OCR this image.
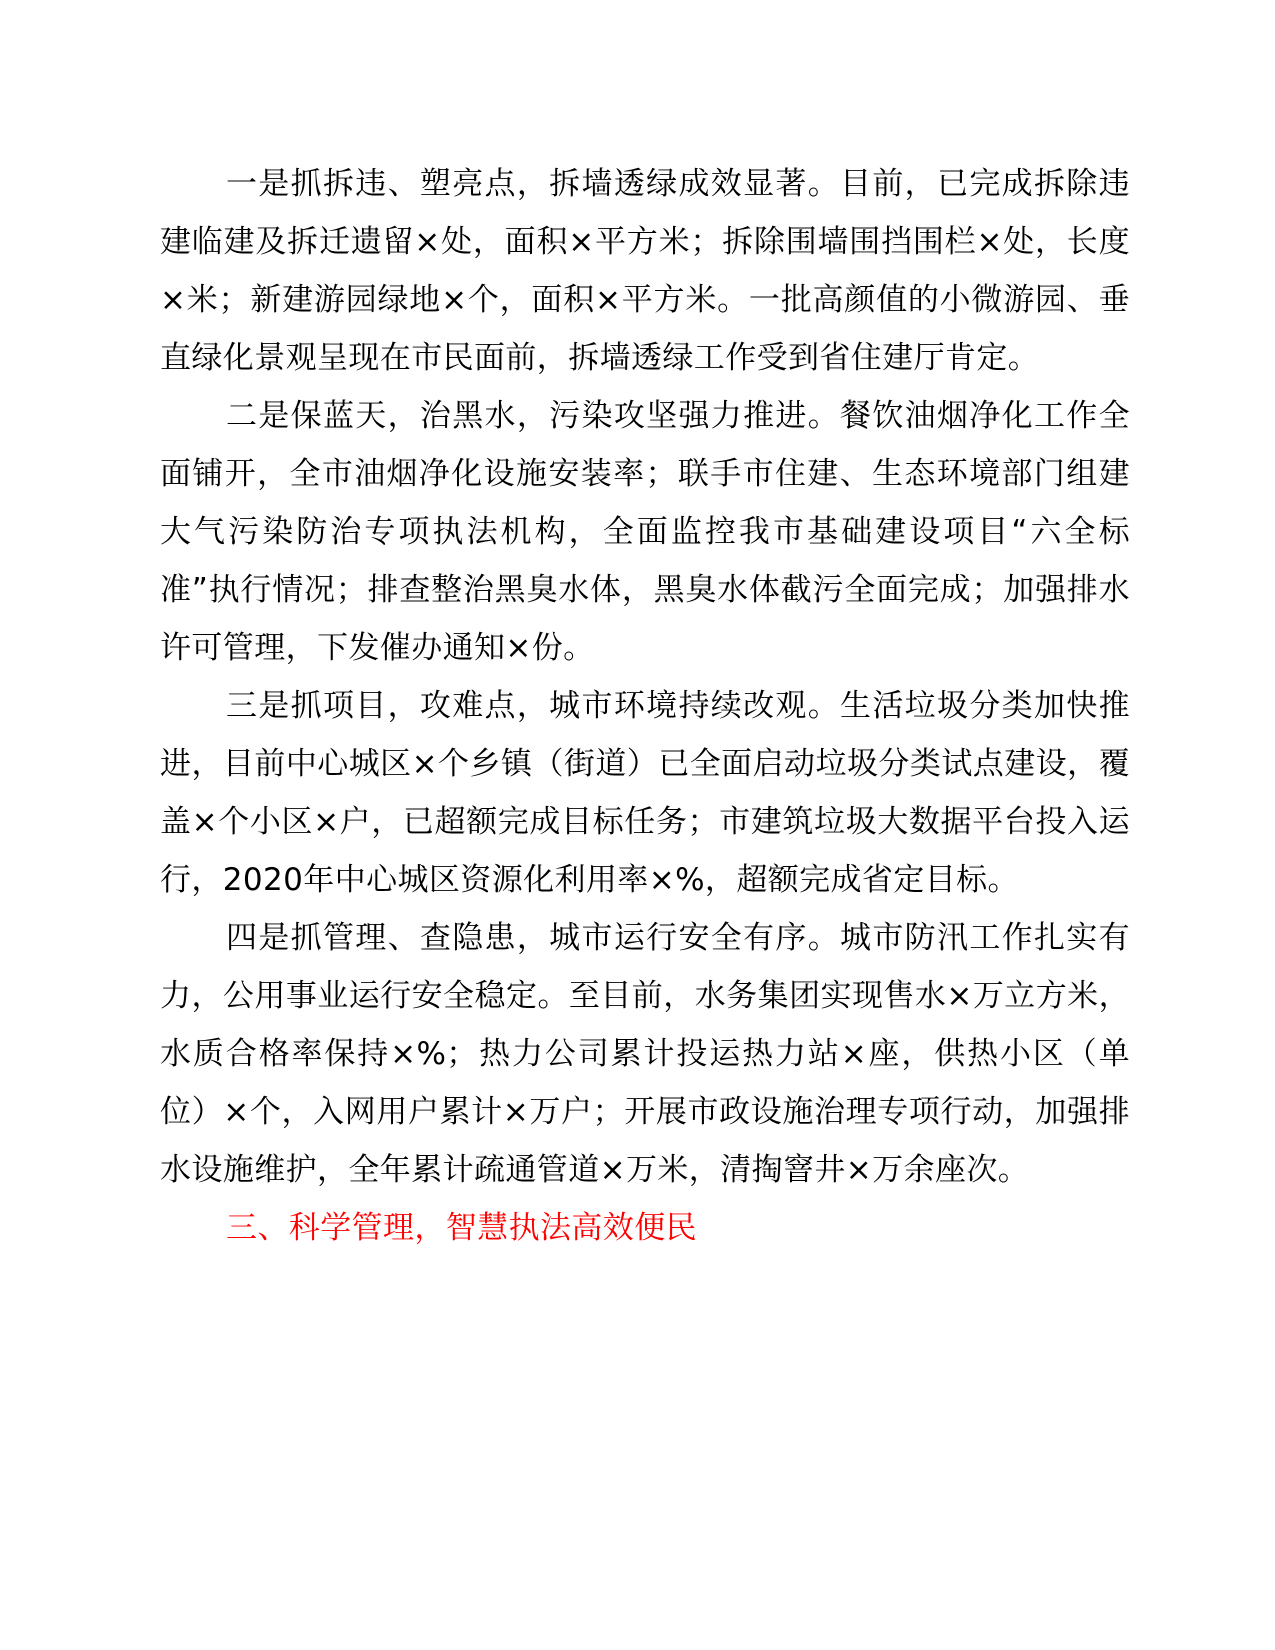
一是抓拆违、塑亮点，拆墙透绿成效显著。目前，已完成拆除违建临建及拆迁遗留×处，面积×平方米；拆除围墙围挡围栏×处，长度×米；新建游园绿地×个，面积×平方米。一批高颜值的小微游园、垂直绿化景观呈现在市民面前，拆墙透绿工作受到省住建厅肯定。

二是保蓝天，治黑水，污染攻坚强力推进。餐饮油烟净化工作全面铺开，全市油烟净化设施安装率；联手市住建、生态环境部门组建大气污染防治专项执法机构，全面监控我市基础建设项目“六全标准”执行情况；排查整治黑臭水体，黑臭水体截污全面完成；加强排水许可管理，下发催办通知×份。

三是抓项目，攻难点，城市环境持续改观。生活垃圾分类加快推进，目前中心城区×个乡镇（街道）已全面启动垃圾分类试点建设，覆盖×个小区×户，已超额完成目标任务；市建筑垃圾大数据平台投入运行，2020年中心城区资源化利用率×%，超额完成省定目标。

四是抓管理、查隐患，城市运行安全有序。城市防汛工作扎实有力，公用事业运行安全稳定。至目前，水务集团实现售水×万立方米，水质合格率保持×%；热力公司累计投运热力站×座，供热小区（单位）×个，入网用户累计×万户；开展市政设施治理专项行动，加强排水设施维护，全年累计疏通管道×万米，清掏窨井×万余座次。

三、科学管理，智慧执法高效便民
